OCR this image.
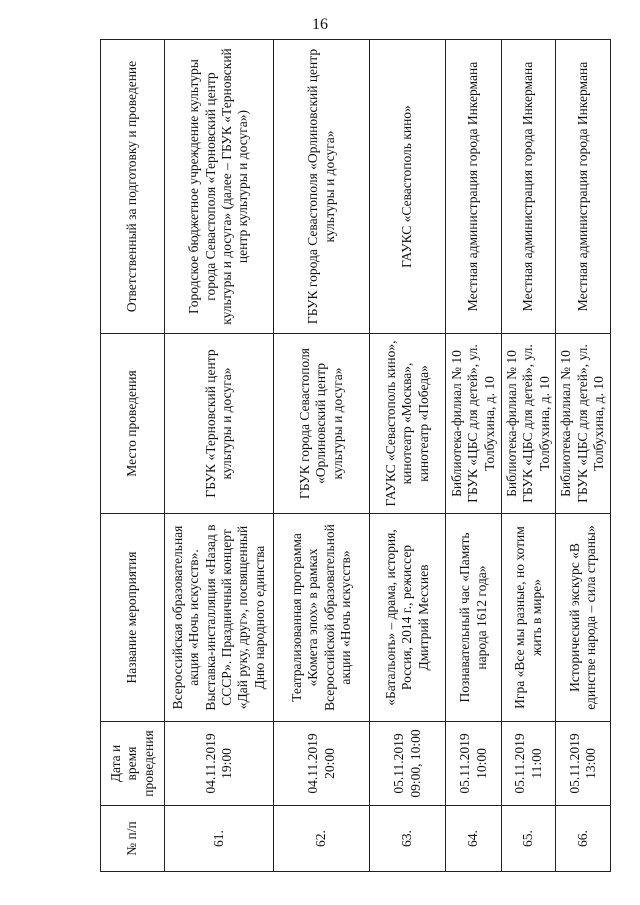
16
№ п/п	Дата и время проведения	Название мероприятия	Место проведения	Ответственный за подготовку и проведение
61.	04.11.2019 19:00	Всероссийская образовательная акция «Ночь искусств». Выставка-инсталляция «Назад в СССР». Праздничный концерт «Дай руку, друг», посвященный Дню народного единства	ГБУК «Терновский центр культуры и досуга»	Городское бюджетное учреждение культуры города Севастополя «Терновский центр культуры и досуга» (далее – ГБУК «Терновский центр культуры и досуга»)
62.	04.11.2019 20:00	Театрализованная программа «Комета эпох» в рамках Всероссийской образовательной акции «Ночь искусств»	ГБУК города Севастополя «Орлиновский центр культуры и досуга»	ГБУК города Севастополя «Орлиновский центр культуры и досуга»
63.	05.11.2019 09:00, 10:00	«Батальонъ» – драма, история, Россия, 2014 г., режиссер Дмитрий Месхиев	ГАУКС «Севастополь кино», кинотеатр «Москва», кинотеатр «Победа»	ГАУКС «Севастополь кино»
64.	05.11.2019 10:00	Познавательный час «Память народа 1612 года»	Библиотека-филиал № 10 ГБУК «ЦБС для детей», ул. Толбухина, д. 10	Местная администрация города Инкермана
65.	05.11.2019 11:00	Игра «Все мы разные, но хотим жить в мире»	Библиотека-филиал № 10 ГБУК «ЦБС для детей», ул. Толбухина, д. 10	Местная администрация города Инкермана
66.	05.11.2019 13:00	Исторический экскурс «В единстве народа – сила страны»	Библиотека-филиал № 10 ГБУК «ЦБС для детей», ул. Толбухина, д. 10	Местная администрация города Инкермана
